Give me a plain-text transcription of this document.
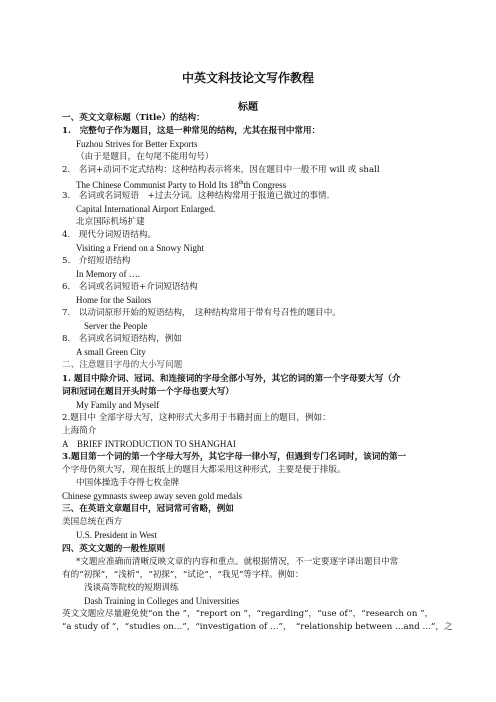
中英文科技论文写作教程
标题
一、英文文章标题（Title）的结构：
1.　完整句子作为题目，这是一种常见的结构，尤其在报刊中常用：
Fuzhou Strives for Better Exports
（由于是题目，在句尾不能用句号）
2.　名词+动词不定式结构：这种结构表示将来，因在题目中一般不用 will 或 shall
The Chinese Communist Party to Hold Its 18thth Congress
3.　名词或名词短语　+过去分词。这种结构常用于报道已做过的事情.
Capital International Airport Enlarged.
北京国际机场扩建
4.　现代分词短语结构。
Visiting a Friend on a Snowy Night
5.　介绍短语结构
In Memory of ….
6.　名词或名词短语+介词短语结构
Home for the Sailors
7.　以动词原形开始的短语结构，　这种结构常用于带有号召性的题目中。
Server the People
8.　名词或名词短语结构，例如
A small Green City
二、注意题目字母的大小写问题
1. 题目中除介词、冠词、和连接词的字母全部小写外，其它的词的第一个字母要大写（介
词和冠词在题目开头时第一个字母也要大写）
My Family and Myself
2.题目中 全部字母大写，这种形式大多用于书籍封面上的题目，例如：
上海简介
A　BRIEF INTRODUCTION TO SHANGHAI
3.题目第一个词的第一个字母大写外，其它字母一律小写，但遇到专门名词时，该词的第一
个字母仍须大写，现在报纸上的题目大都采用这种形式，主要是便于排版。
中国体操选手夺得七枚金牌
Chinese gymnasts sweep away seven gold medals
三、在英语文章题目中，冠词常可省略，例如
美国总统在西方
U.S. President in West
四、英文文题的一般性原则
*文题应准确而清晰反映文章的内容和重点。就根据情况，不一定要逐字译出题目中常
有的“初探”，“浅析”，“初探”，“试论”，“我见”等字样。例如：
浅谈高等院校的短期训练
Dash Training in Colleges and Universities
英文文题应尽量避免使“on the ”，“report on ”，“regarding”，“use of”，“research on ”，
“a study of ”，“studies on…”，“investigation of …”，　“relationship between …and …”，之
